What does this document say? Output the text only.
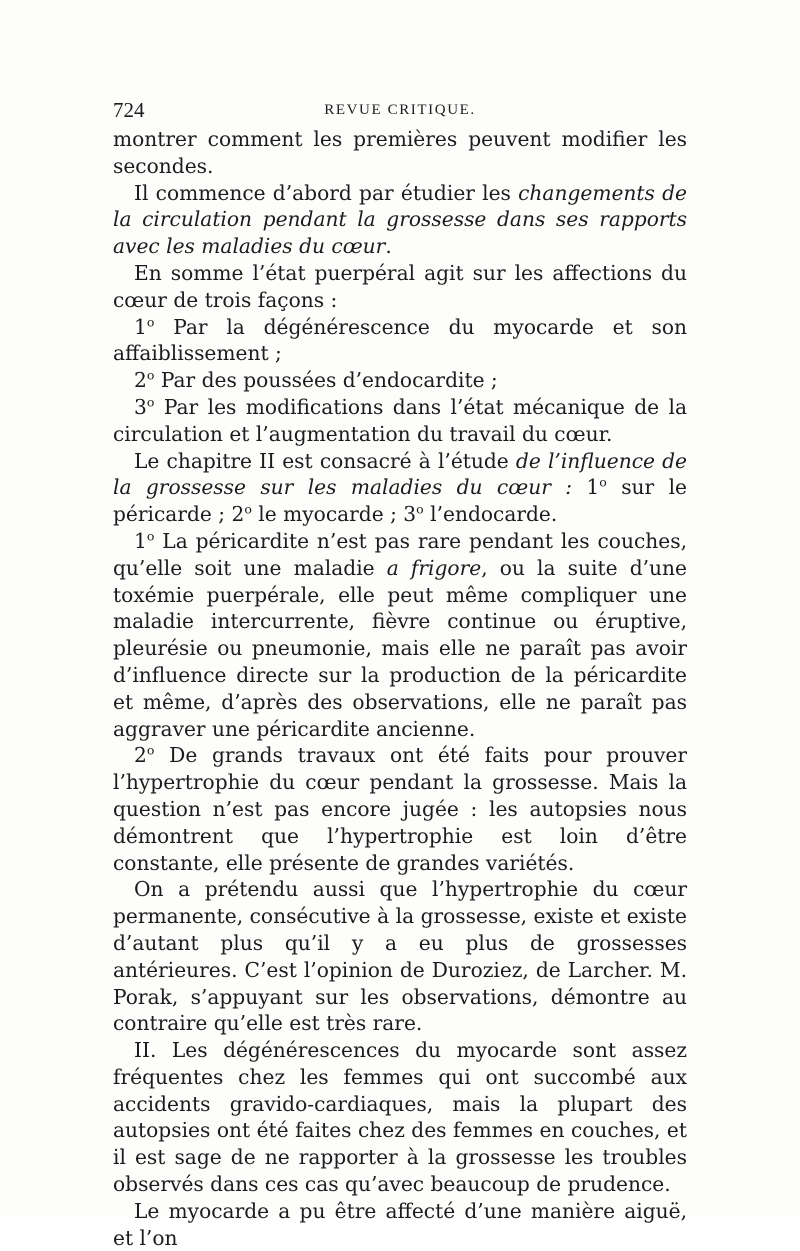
724	REVUE CRITIQUE.

montrer comment les premières peuvent modifier les secondes.

Il commence d’abord par étudier les changements de la circulation pendant la grossesse dans ses rapports avec les maladies du cœur.

En somme l’état puerpéral agit sur les affections du cœur de trois façons :

1$^o$ Par la dégénérescence du myocarde et son affaiblissement ;

2$^o$ Par des poussées d’endocardite ;

3$^o$ Par les modifications dans l’état mécanique de la circulation et l’augmentation du travail du cœur.

Le chapitre II est consacré à l’étude de l’influence de la grossesse sur les maladies du cœur : 1$^o$ sur le péricarde ; 2$^o$ le myocarde ; 3$^o$ l’endocarde.

1$^o$ La péricardite n’est pas rare pendant les couches, qu’elle soit une maladie a frigore, ou la suite d’une toxémie puerpérale, elle peut même compliquer une maladie intercurrente, fièvre continue ou éruptive, pleurésie ou pneumonie, mais elle ne paraît pas avoir d’influence directe sur la production de la péricardite et même, d’après des observations, elle ne paraît pas aggraver une péricardite ancienne.

2$^o$ De grands travaux ont été faits pour prouver l’hypertrophie du cœur pendant la grossesse. Mais la question n’est pas encore jugée : les autopsies nous démontrent que l’hypertrophie est loin d’être constante, elle présente de grandes variétés.

On a prétendu aussi que l’hypertrophie du cœur permanente, consécutive à la grossesse, existe et existe d’autant plus qu’il y a eu plus de grossesses antérieures. C’est l’opinion de Duroziez, de Larcher. M. Porak, s’appuyant sur les observations, démontre au contraire qu’elle est très rare.

II. Les dégénérescences du myocarde sont assez fréquentes chez les femmes qui ont succombé aux accidents gravido-cardiaques, mais la plupart des autopsies ont été faites chez des femmes en couches, et il est sage de ne rapporter à la grossesse les troubles observés dans ces cas qu’avec beaucoup de prudence.

Le myocarde a pu être affecté d’une manière aiguë, et l’on
